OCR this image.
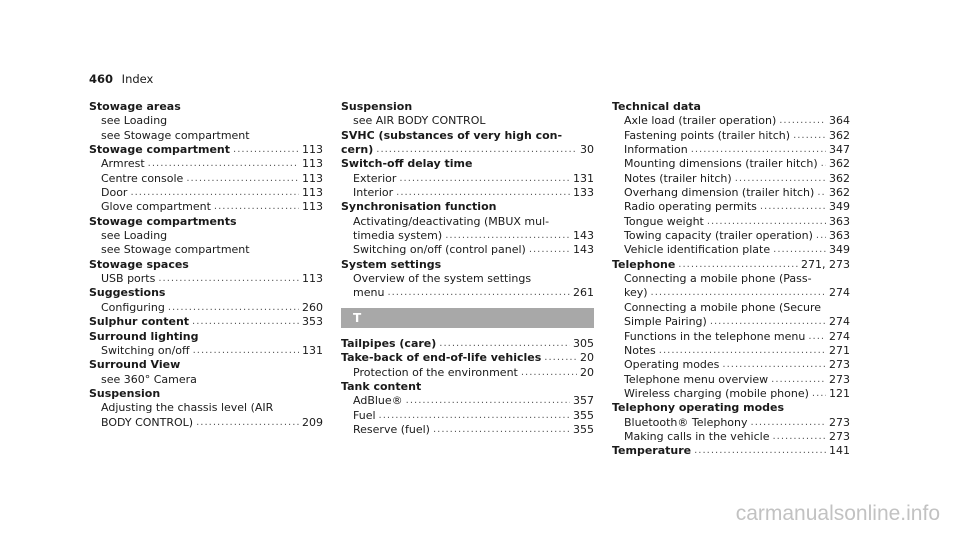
460 Index
Stowage areas
see Loading
see Stowage compartment
Stowage compartment .....	113
Armrest .....	113
Centre console .....	113
Door .....	113
Glove compartment .....	113
Stowage compartments
see Loading
see Stowage compartment
Stowage spaces
USB ports .....	113
Suggestions
Configuring .....	260
Sulphur content .....	353
Surround lighting
Switching on/off .....	131
Surround View
see 360° Camera
Suspension
Adjusting the chassis level (AIR
BODY CONTROL) .....	209
Suspension
see AIR BODY CONTROL
SVHC (substances of very high con-
cern) .....	30
Switch-off delay time
Exterior .....	131
Interior .....	133
Synchronisation function
Activating/deactivating (MBUX mul-
timedia system) .....	143
Switching on/off (control panel) .....	143
System settings
Overview of the system settings
menu .....	261
T
Tailpipes (care) .....	305
Take-back of end-of-life vehicles .....	20
Protection of the environment .....	20
Tank content
AdBlue® .....	357
Fuel .....	355
Reserve (fuel) .....	355
Technical data
Axle load (trailer operation) .....	364
Fastening points (trailer hitch) .....	362
Information .....	347
Mounting dimensions (trailer hitch) ..... 362
Notes (trailer hitch) .....	362
Overhang dimension (trailer hitch) ..... 362
Radio operating permits .....	349
Tongue weight .....	363
Towing capacity (trailer operation) ..... 363
Vehicle identification plate .....	349
Telephone .....	271, 273
Connecting a mobile phone (Pass-
key) .....	274
Connecting a mobile phone (Secure
Simple Pairing) .....	274
Functions in the telephone menu ..... 274
Notes .....	271
Operating modes .....	273
Telephone menu overview .....	273
Wireless charging (mobile phone) ..... 121
Telephony operating modes
Bluetooth® Telephony .....	273
Making calls in the vehicle .....	273
Temperature .....	141
carmanualsonline.info
